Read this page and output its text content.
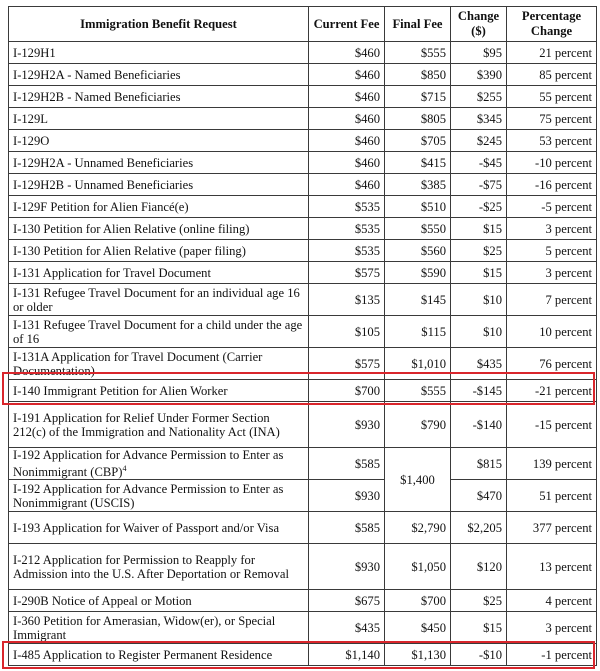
Immigration Benefit Request	Current Fee	Final Fee	Change ($)	Percentage Change
I-129H1	$460	$555	$95	21 percent
I-129H2A - Named Beneficiaries	$460	$850	$390	85 percent
I-129H2B - Named Beneficiaries	$460	$715	$255	55 percent
I-129L	$460	$805	$345	75 percent
I-129O	$460	$705	$245	53 percent
I-129H2A - Unnamed Beneficiaries	$460	$415	-$45	-10 percent
I-129H2B - Unnamed Beneficiaries	$460	$385	-$75	-16 percent
I-129F Petition for Alien Fiancé(e)	$535	$510	-$25	-5 percent
I-130 Petition for Alien Relative (online filing)	$535	$550	$15	3 percent
I-130 Petition for Alien Relative (paper filing)	$535	$560	$25	5 percent
I-131 Application for Travel Document	$575	$590	$15	3 percent
I-131 Refugee Travel Document for an individual age 16 or older	$135	$145	$10	7 percent
I-131 Refugee Travel Document for a child under the age of 16	$105	$115	$10	10 percent
I-131A Application for Travel Document (Carrier Documentation)	$575	$1,010	$435	76 percent
I-140 Immigrant Petition for Alien Worker	$700	$555	-$145	-21 percent
I-191 Application for Relief Under Former Section 212(c) of the Immigration and Nationality Act (INA)	$930	$790	-$140	-15 percent
I-192 Application for Advance Permission to Enter as Nonimmigrant (CBP)$^4$	$585	$1,400	$815	139 percent
I-192 Application for Advance Permission to Enter as Nonimmigrant (USCIS)	$930		$470	51 percent
I-193 Application for Waiver of Passport and/or Visa	$585	$2,790	$2,205	377 percent
I-212 Application for Permission to Reapply for Admission into the U.S. After Deportation or Removal	$930	$1,050	$120	13 percent
I-290B Notice of Appeal or Motion	$675	$700	$25	4 percent
I-360 Petition for Amerasian, Widow(er), or Special Immigrant	$435	$450	$15	3 percent
I-485 Application to Register Permanent Residence	$1,140	$1,130	-$10	-1 percent
